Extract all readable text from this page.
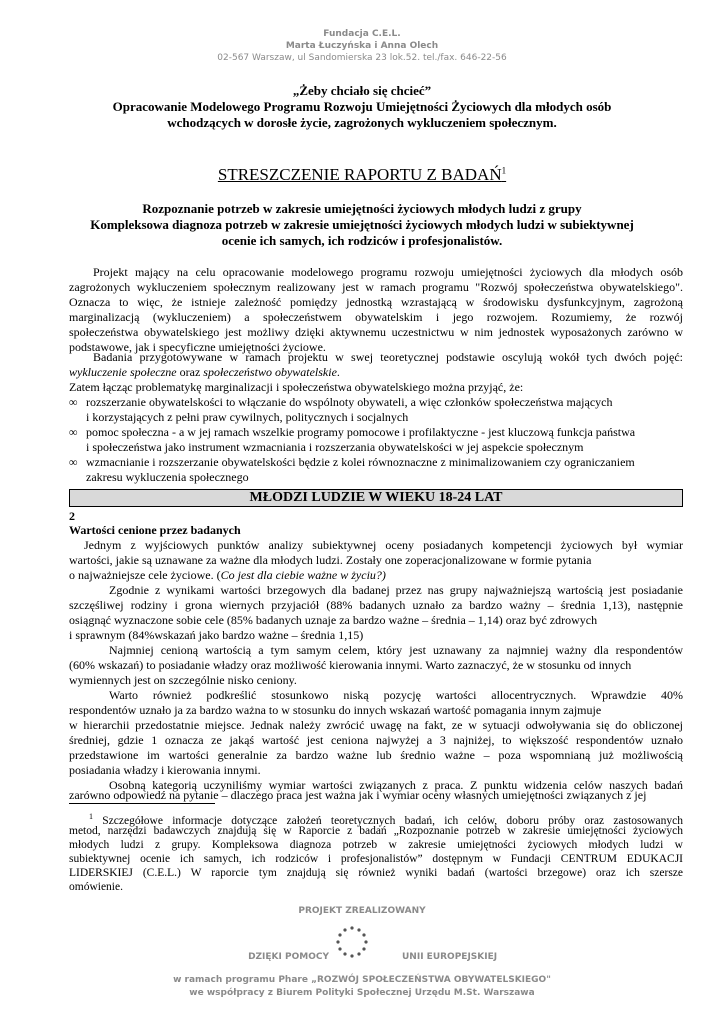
Fundacja C.E.L.
Marta Łuczyńska i Anna Olech
02-567 Warszaw, ul Sandomierska 23 lok.52. tel./fax. 646-22-56
„Żeby chciało się chcieć”
Opracowanie Modelowego Programu Rozwoju Umiejętności Życiowych dla młodych osób
wchodzących w dorosłe życie, zagrożonych wykluczeniem społecznym.
STRESZCZENIE RAPORTU Z BADAŃ$^1$
Rozpoznanie potrzeb w zakresie umiejętności życiowych młodych ludzi z grupy
Kompleksowa diagnoza potrzeb w zakresie umiejętności życiowych młodych ludzi w subiektywnej
ocenie ich samych, ich rodziców i profesjonalistów.
Projekt mający na celu opracowanie modelowego programu rozwoju umiejętności życiowych dla młodych osób
zagrożonych wykluczeniem społecznym realizowany jest w ramach programu "Rozwój społeczeństwa obywatelskiego".
Oznacza to więc, że istnieje zależność pomiędzy jednostką wzrastającą w środowisku dysfunkcyjnym, zagrożoną
marginalizacją (wykluczeniem) a społeczeństwem obywatelskim i jego rozwojem. Rozumiemy, że rozwój
społeczeństwa obywatelskiego jest możliwy dzięki aktywnemu uczestnictwu w nim jednostek wyposażonych zarówno w
podstawowe, jak i specyficzne umiejętności życiowe.
Badania przygotowywane w ramach projektu w swej teoretycznej podstawie oscylują wokół tych dwóch pojęć:
wykluczenie społeczne oraz społeczeństwo obywatelskie.
Zatem łącząc problematykę marginalizacji i społeczeństwa obywatelskiego można przyjąć, że:
∞ rozszerzanie obywatelskości to włączanie do wspólnoty obywateli, a więc członków społeczeństwa mających
i korzystających z pełni praw cywilnych, politycznych i socjalnych
∞ pomoc społeczna - a w jej ramach wszelkie programy pomocowe i profilaktyczne - jest kluczową funkcja państwa
i społeczeństwa jako instrument wzmacniania i rozszerzania obywatelskości w jej aspekcie społecznym
∞ wzmacnianie i rozszerzanie obywatelskości będzie z kolei równoznaczne z minimalizowaniem czy ograniczaniem
zakresu wykluczenia społecznego
MŁODZI LUDZIE W WIEKU 18-24 LAT
2
Wartości cenione przez badanych
Jednym z wyjściowych punktów analizy subiektywnej oceny posiadanych kompetencji życiowych był wymiar
wartości, jakie są uznawane za ważne dla młodych ludzi. Zostały one zoperacjonalizowane w formie pytania
o najważniejsze cele życiowe. (Co jest dla ciebie ważne w życiu?)
Zgodnie z wynikami wartości brzegowych dla badanej przez nas grupy najważniejszą wartością jest posiadanie
szczęśliwej rodziny i grona wiernych przyjaciół (88% badanych uznało za bardzo ważny – średnia 1,13), następnie
osiągnąć wyznaczone sobie cele (85% badanych uznaje za bardzo ważne – średnia – 1,14) oraz być zdrowych
i sprawnym (84%wskazań jako bardzo ważne – średnia 1,15)
Najmniej cenioną wartością a tym samym celem, który jest uznawany za najmniej ważny dla respondentów
(60% wskazań) to posiadanie władzy oraz możliwość kierowania innymi. Warto zaznaczyć, że w stosunku od innych
wymiennych jest on szczególnie nisko ceniony.
Warto również podkreślić stosunkowo niską pozycję wartości allocentrycznych. Wprawdzie 40%
respondentów uznało ja za bardzo ważna to w stosunku do innych wskazań wartość pomagania innym zajmuje
w hierarchii przedostatnie miejsce. Jednak należy zwrócić uwagę na fakt, ze w sytuacji odwoływania się do obliczonej
średniej, gdzie 1 oznacza ze jakąś wartość jest ceniona najwyżej a 3 najniżej, to większość respondentów uznało
przedstawione im wartości generalnie za bardzo ważne lub średnio ważne – poza wspomnianą już możliwością
posiadania władzy i kierowania innymi.
Osobną kategorią uczyniliśmy wymiar wartości związanych z praca. Z punktu widzenia celów naszych badań
zarówno odpowiedź na pytanie – dlaczego praca jest ważna jak i wymiar oceny własnych umiejętności związanych z jej
$^1$ Szczegółowe informacje dotyczące założeń teoretycznych badań, ich celów, doboru próby oraz zastosowanych
metod, narzędzi badawczych znajdują się w Raporcie z badań „Rozpoznanie potrzeb w zakresie umiejętności życiowych
młodych ludzi z grupy. Kompleksowa diagnoza potrzeb w zakresie umiejętności życiowych młodych ludzi w
subiektywnej ocenie ich samych, ich rodziców i profesjonalistów” dostępnym w Fundacji CENTRUM EDUKACJI
LIDERSKIEJ (C.E.L.) W raporcie tym znajdują się również wyniki badań (wartości brzegowe) oraz ich szersze
omówienie.
PROJEKT ZREALIZOWANY
DZIĘKI POMOCY	UNII EUROPEJSKIEJ
w ramach programu Phare „ROZWÓJ SPOŁECZEŃSTWA OBYWATELSKIEGO"
we współpracy z Biurem Polityki Społecznej Urzędu M.St. Warszawa
